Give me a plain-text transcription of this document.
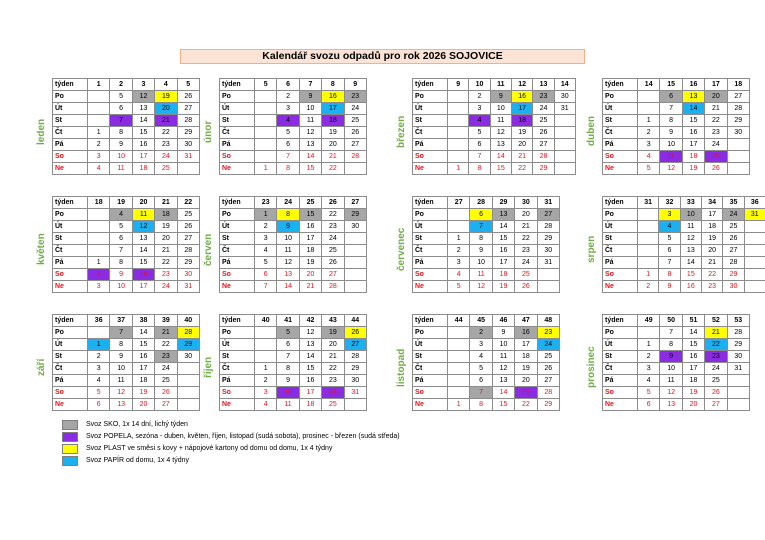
Kalendář svozu odpadů pro rok 2026 SOJOVICE
leden
týden	1	2	3	4	5
Po		5	12	19	26
Út		6	13	20	27
St		7	14	21	28
Čt	1	8	15	22	29
Pá	2	9	16	23	30
So	3	10	17	24	31
Ne	4	11	18	25	
únor
týden	5	6	7	8	9
Po		2	9	16	23
Út		3	10	17	24
St		4	11	18	25
Čt		5	12	19	26
Pá		6	13	20	27
So		7	14	21	28
Ne	1	8	15	22	
březen
týden	9	10	11	12	13	14
Po		2	9	16	23	30
Út		3	10	17	24	31
St		4	11	18	25	
Čt		5	12	19	26	
Pá		6	13	20	27	
So		7	14	21	28	
Ne	1	8	15	22	29	
duben
týden	14	15	16	17	18
Po		6	13	20	27
Út		7	14	21	28
St	1	8	15	22	29
Čt	2	9	16	23	30
Pá	3	10	17	24	
So	4	11	18	25	
Ne	5	12	19	26	
květen
týden	18	19	20	21	22
Po		4	11	18	25
Út		5	12	19	26
St		6	13	20	27
Čt		7	14	21	28
Pá	1	8	15	22	29
So	2	9	16	23	30
Ne	3	10	17	24	31
červen
týden	23	24	25	26	27
Po	1	8	15	22	29
Út	2	9	16	23	30
St	3	10	17	24	
Čt	4	11	18	25	
Pá	5	12	19	26	
So	6	13	20	27	
Ne	7	14	21	28	
červenec
týden	27	28	29	30	31
Po		6	13	20	27
Út		7	14	21	28
St	1	8	15	22	29
Čt	2	9	16	23	30
Pá	3	10	17	24	31
So	4	11	18	25	
Ne	5	12	19	26	
srpen
týden	31	32	33	34	35	36
Po		3	10	17	24	31
Út		4	11	18	25	
St		5	12	19	26	
Čt		6	13	20	27	
Pá		7	14	21	28	
So	1	8	15	22	29	
Ne	2	9	16	23	30	
září
týden	36	37	38	39	40
Po		7	14	21	28
Út	1	8	15	22	29
St	2	9	16	23	30
Čt	3	10	17	24	
Pá	4	11	18	25	
So	5	12	19	26	
Ne	6	13	20	27	
říjen
týden	40	41	42	43	44
Po		5	12	19	26
Út		6	13	20	27
St		7	14	21	28
Čt	1	8	15	22	29
Pá	2	9	16	23	30
So	3	10	17	24	31
Ne	4	11	18	25	
listopad
týden	44	45	46	47	48	
Po		2	9	16	23	
Út		3	10	17	24	
St		4	11	18	25	
Čt		5	12	19	26	
Pá		6	13	20	27	
So		7	14	21	28	
Ne	1	8	15	22	29	
prosinec
týden	49	50	51	52	53
Po		7	14	21	28
Út	1	8	15	22	29
St	2	9	16	23	30
Čt	3	10	17	24	31
Pá	4	11	18	25	
So	5	12	19	26	
Ne	6	13	20	27	
Svoz SKO, 1x 14 dní, lichý týden
Svoz POPELA, sezóna - duben, květen, říjen, listopad (sudá sobota), prosinec - březen (sudá středa)
Svoz PLAST ve směsi s kovy + nápojové kartony od domu od domu, 1x 4 týdny
Svoz PAPÍR od domu, 1x 4 týdny
